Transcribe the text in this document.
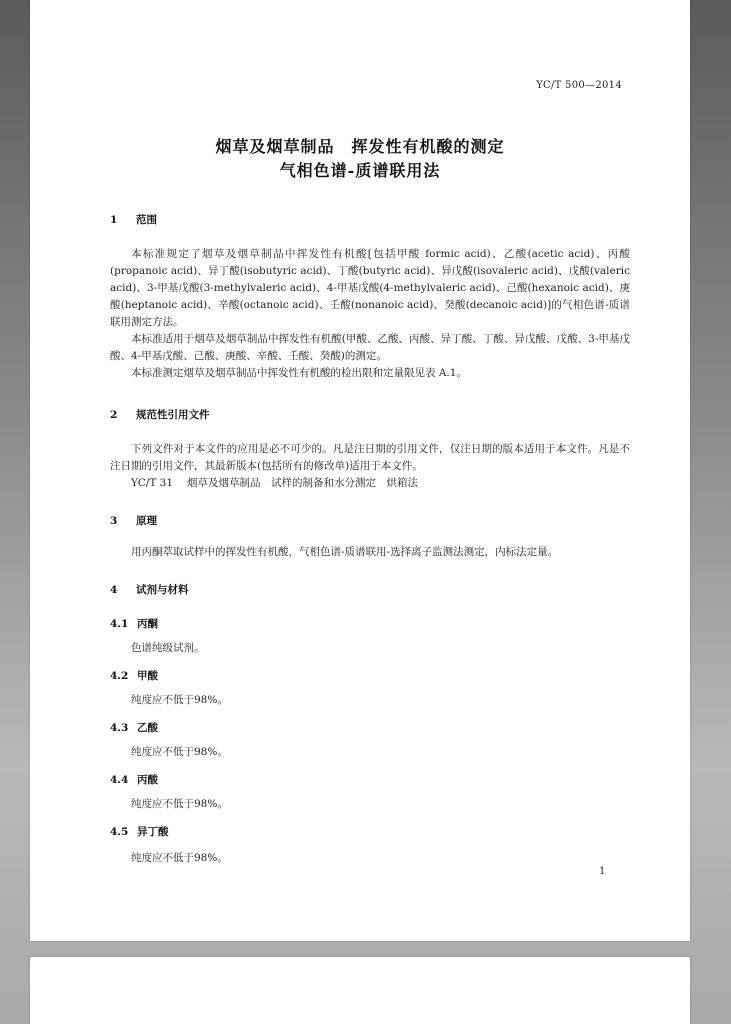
YC/T 500—2014
烟草及烟草制品　挥发性有机酸的测定
气相色谱-质谱联用法
1 范围

本标准规定了烟草及烟草制品中挥发性有机酸[包括甲酸 formic acid)、乙酸(acetic acid)、丙酸(propanoic acid)、异丁酸(isobutyric acid)、丁酸(butyric acid)、异戊酸(isovaleric acid)、戊酸(valeric acid)、3-甲基戊酸(3-methylvaleric acid)、4-甲基戊酸(4-methylvaleric acid)、己酸(hexanoic acid)、庚酸(heptanoic acid)、辛酸(octanoic acid)、壬酸(nonanoic acid)、癸酸(decanoic acid)]的气相色谱-质谱联用测定方法。

本标准适用于烟草及烟草制品中挥发性有机酸(甲酸、乙酸、丙酸、异丁酸、丁酸、异戊酸、戊酸、3-甲基戊酸、4-甲基戊酸、己酸、庚酸、辛酸、壬酸、癸酸)的测定。

本标准测定烟草及烟草制品中挥发性有机酸的检出限和定量限见表 A.1。

2 规范性引用文件

下列文件对于本文件的应用是必不可少的。凡是注日期的引用文件，仅注日期的版本适用于本文件。凡是不注日期的引用文件，其最新版本(包括所有的修改单)适用于本文件。

YC/T 31 烟草及烟草制品　试样的制备和水分测定　烘箱法

3 原理

用丙酮萃取试样中的挥发性有机酸，气相色谱-质谱联用-选择离子监测法测定，内标法定量。

4 试剂与材料
4.1 丙酮
色谱纯级试剂。
4.2 甲酸
纯度应不低于98%。
4.3 乙酸
纯度应不低于98%。
4.4 丙酸
纯度应不低于98%。
4.5 异丁酸
纯度应不低于98%。
1
